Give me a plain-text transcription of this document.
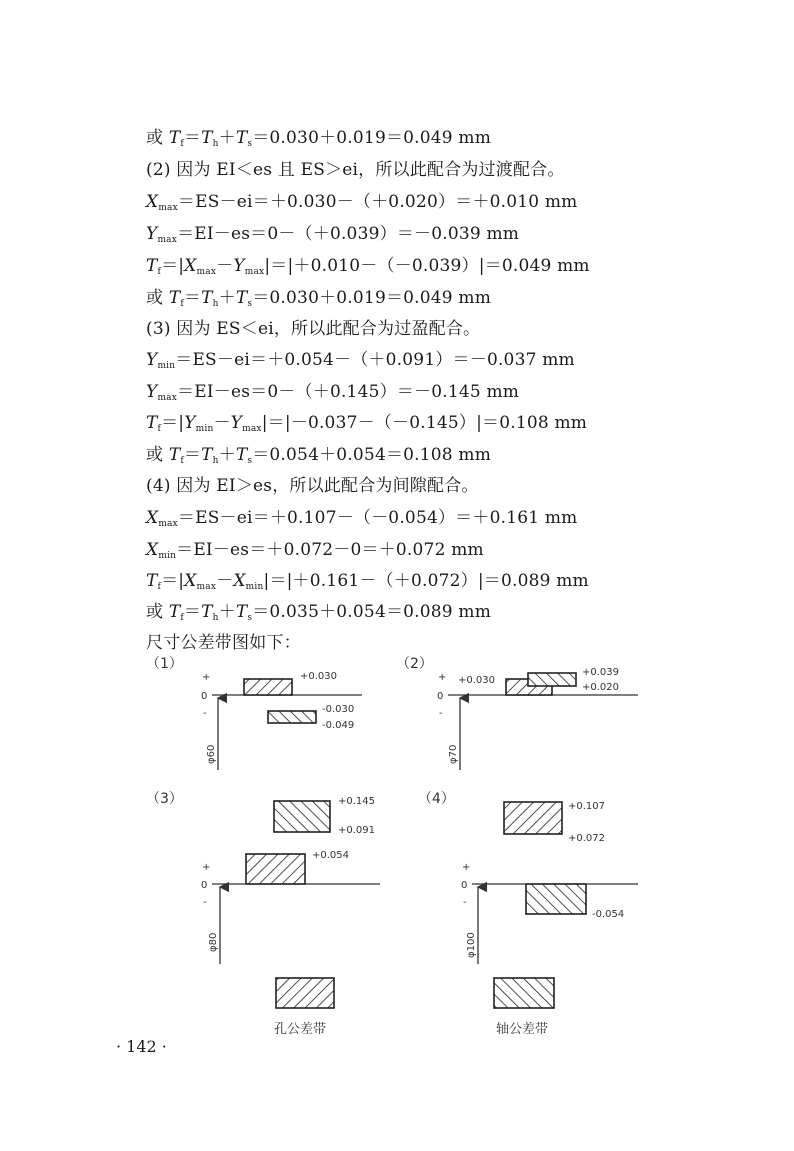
或 $T_f=T_h+T_s=0.030+0.019=0.049$ mm
(2) 因为 EI＜es 且 ES＞ei，所以此配合为过渡配合。
$X_{max}=ES-ei=+0.030-(+0.020)=+0.010$ mm
$Y_{max}=EI-es=0-(+0.039)=-0.039$ mm
$T_f=|X_{max}-Y_{max}|=|+0.010-(-0.039)|=0.049$ mm
或 $T_f=T_h+T_s=0.030+0.019=0.049$ mm
(3) 因为 ES＜ei，所以此配合为过盈配合。
$Y_{min}=ES-ei=+0.054-(+0.091)=-0.037$ mm
$Y_{max}=EI-es=0-(+0.145)=-0.145$ mm
$T_f=|Y_{min}-Y_{max}|=|-0.037-(-0.145)|=0.108$ mm
或 $T_f=T_h+T_s=0.054+0.054=0.108$ mm
(4) 因为 EI＞es，所以此配合为间隙配合。
$X_{max}=ES-ei=+0.107-(-0.054)=+0.161$ mm
$X_{min}=EI-es=+0.072-0=+0.072$ mm
$T_f=|X_{max}-X_{min}|=|+0.161-(+0.072)|=0.089$ mm
或 $T_f=T_h+T_s=0.035+0.054=0.089$ mm
尺寸公差带图如下：
（1）
+
0
-
φ60
+0.030
-0.030
-0.049
（2）
+
0
-
φ70
+0.030
+0.039
+0.020
（3）	+0.145
+0.091
+
0
-
φ80
+0.054
（4）	+0.107
+0.072
+
0
-
φ100
-0.054
孔公差带	轴公差带
· 142 ·
